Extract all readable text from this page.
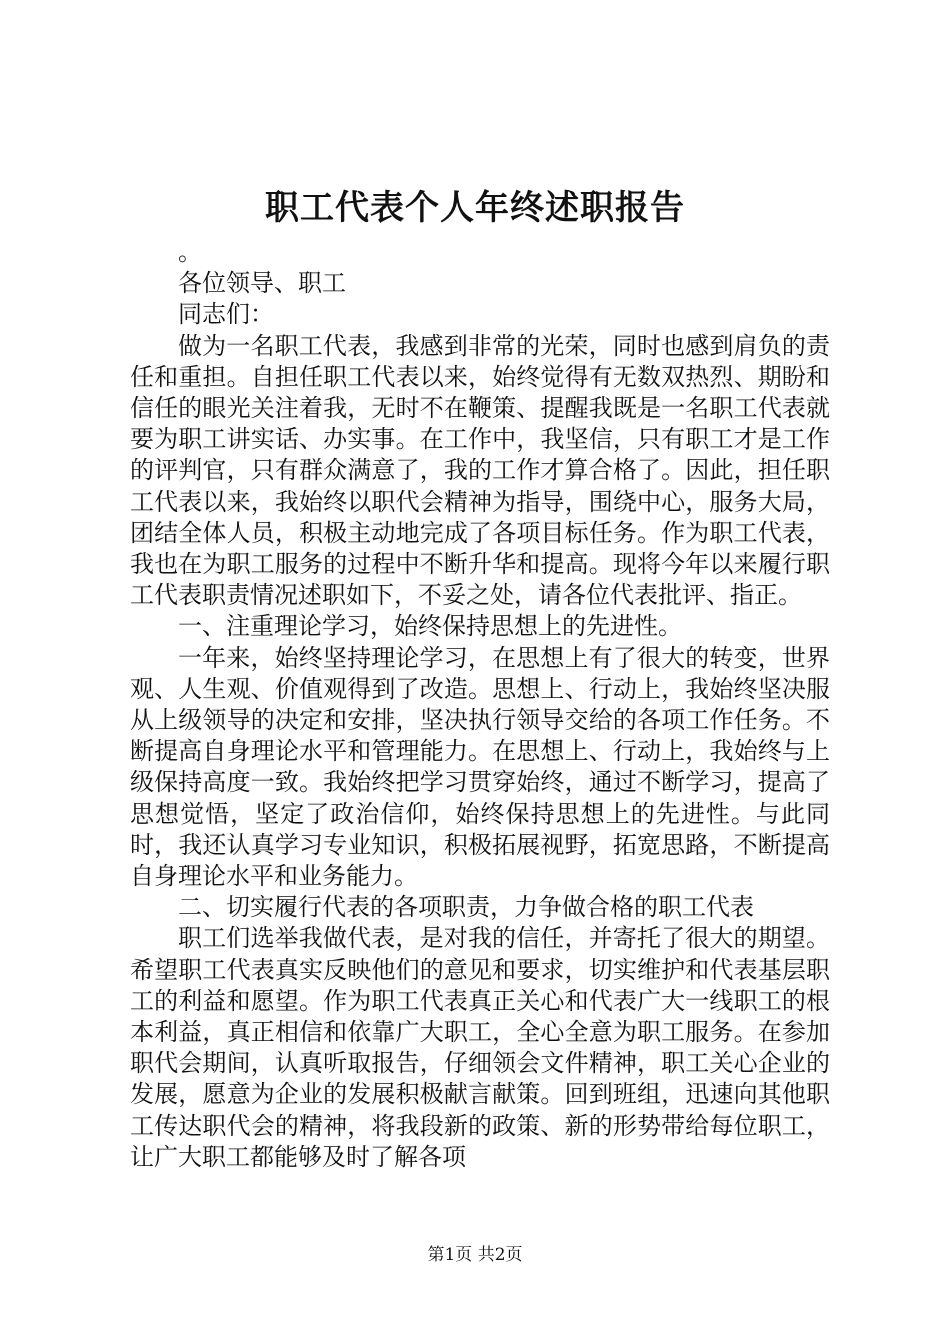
职工代表个人年终述职报告

。

各位领导、职工

同志们：

做为一名职工代表，我感到非常的光荣，同时也感到肩负的责任和重担。自担任职工代表以来，始终觉得有无数双热烈、期盼和信任的眼光关注着我，无时不在鞭策、提醒我既是一名职工代表就要为职工讲实话、办实事。在工作中，我坚信，只有职工才是工作的评判官，只有群众满意了，我的工作才算合格了。因此，担任职工代表以来，我始终以职代会精神为指导，围绕中心，服务大局，团结全体人员，积极主动地完成了各项目标任务。作为职工代表，我也在为职工服务的过程中不断升华和提高。现将今年以来履行职工代表职责情况述职如下，不妥之处，请各位代表批评、指正。

一、注重理论学习，始终保持思想上的先进性。

一年来，始终坚持理论学习，在思想上有了很大的转变，世界观、人生观、价值观得到了改造。思想上、行动上，我始终坚决服从上级领导的决定和安排，坚决执行领导交给的各项工作任务。不断提高自身理论水平和管理能力。在思想上、行动上，我始终与上级保持高度一致。我始终把学习贯穿始终，通过不断学习，提高了思想觉悟，坚定了政治信仰，始终保持思想上的先进性。与此同时，我还认真学习专业知识，积极拓展视野，拓宽思路，不断提高自身理论水平和业务能力。

二、切实履行代表的各项职责，力争做合格的职工代表

职工们选举我做代表，是对我的信任，并寄托了很大的期望。希望职工代表真实反映他们的意见和要求，切实维护和代表基层职工的利益和愿望。作为职工代表真正关心和代表广大一线职工的根本利益，真正相信和依靠广大职工，全心全意为职工服务。在参加职代会期间，认真听取报告，仔细领会文件精神，职工关心企业的发展，愿意为企业的发展积极献言献策。回到班组，迅速向其他职工传达职代会的精神，将我段新的政策、新的形势带给每位职工，让广大职工都能够及时了解各项

第1页 共2页
